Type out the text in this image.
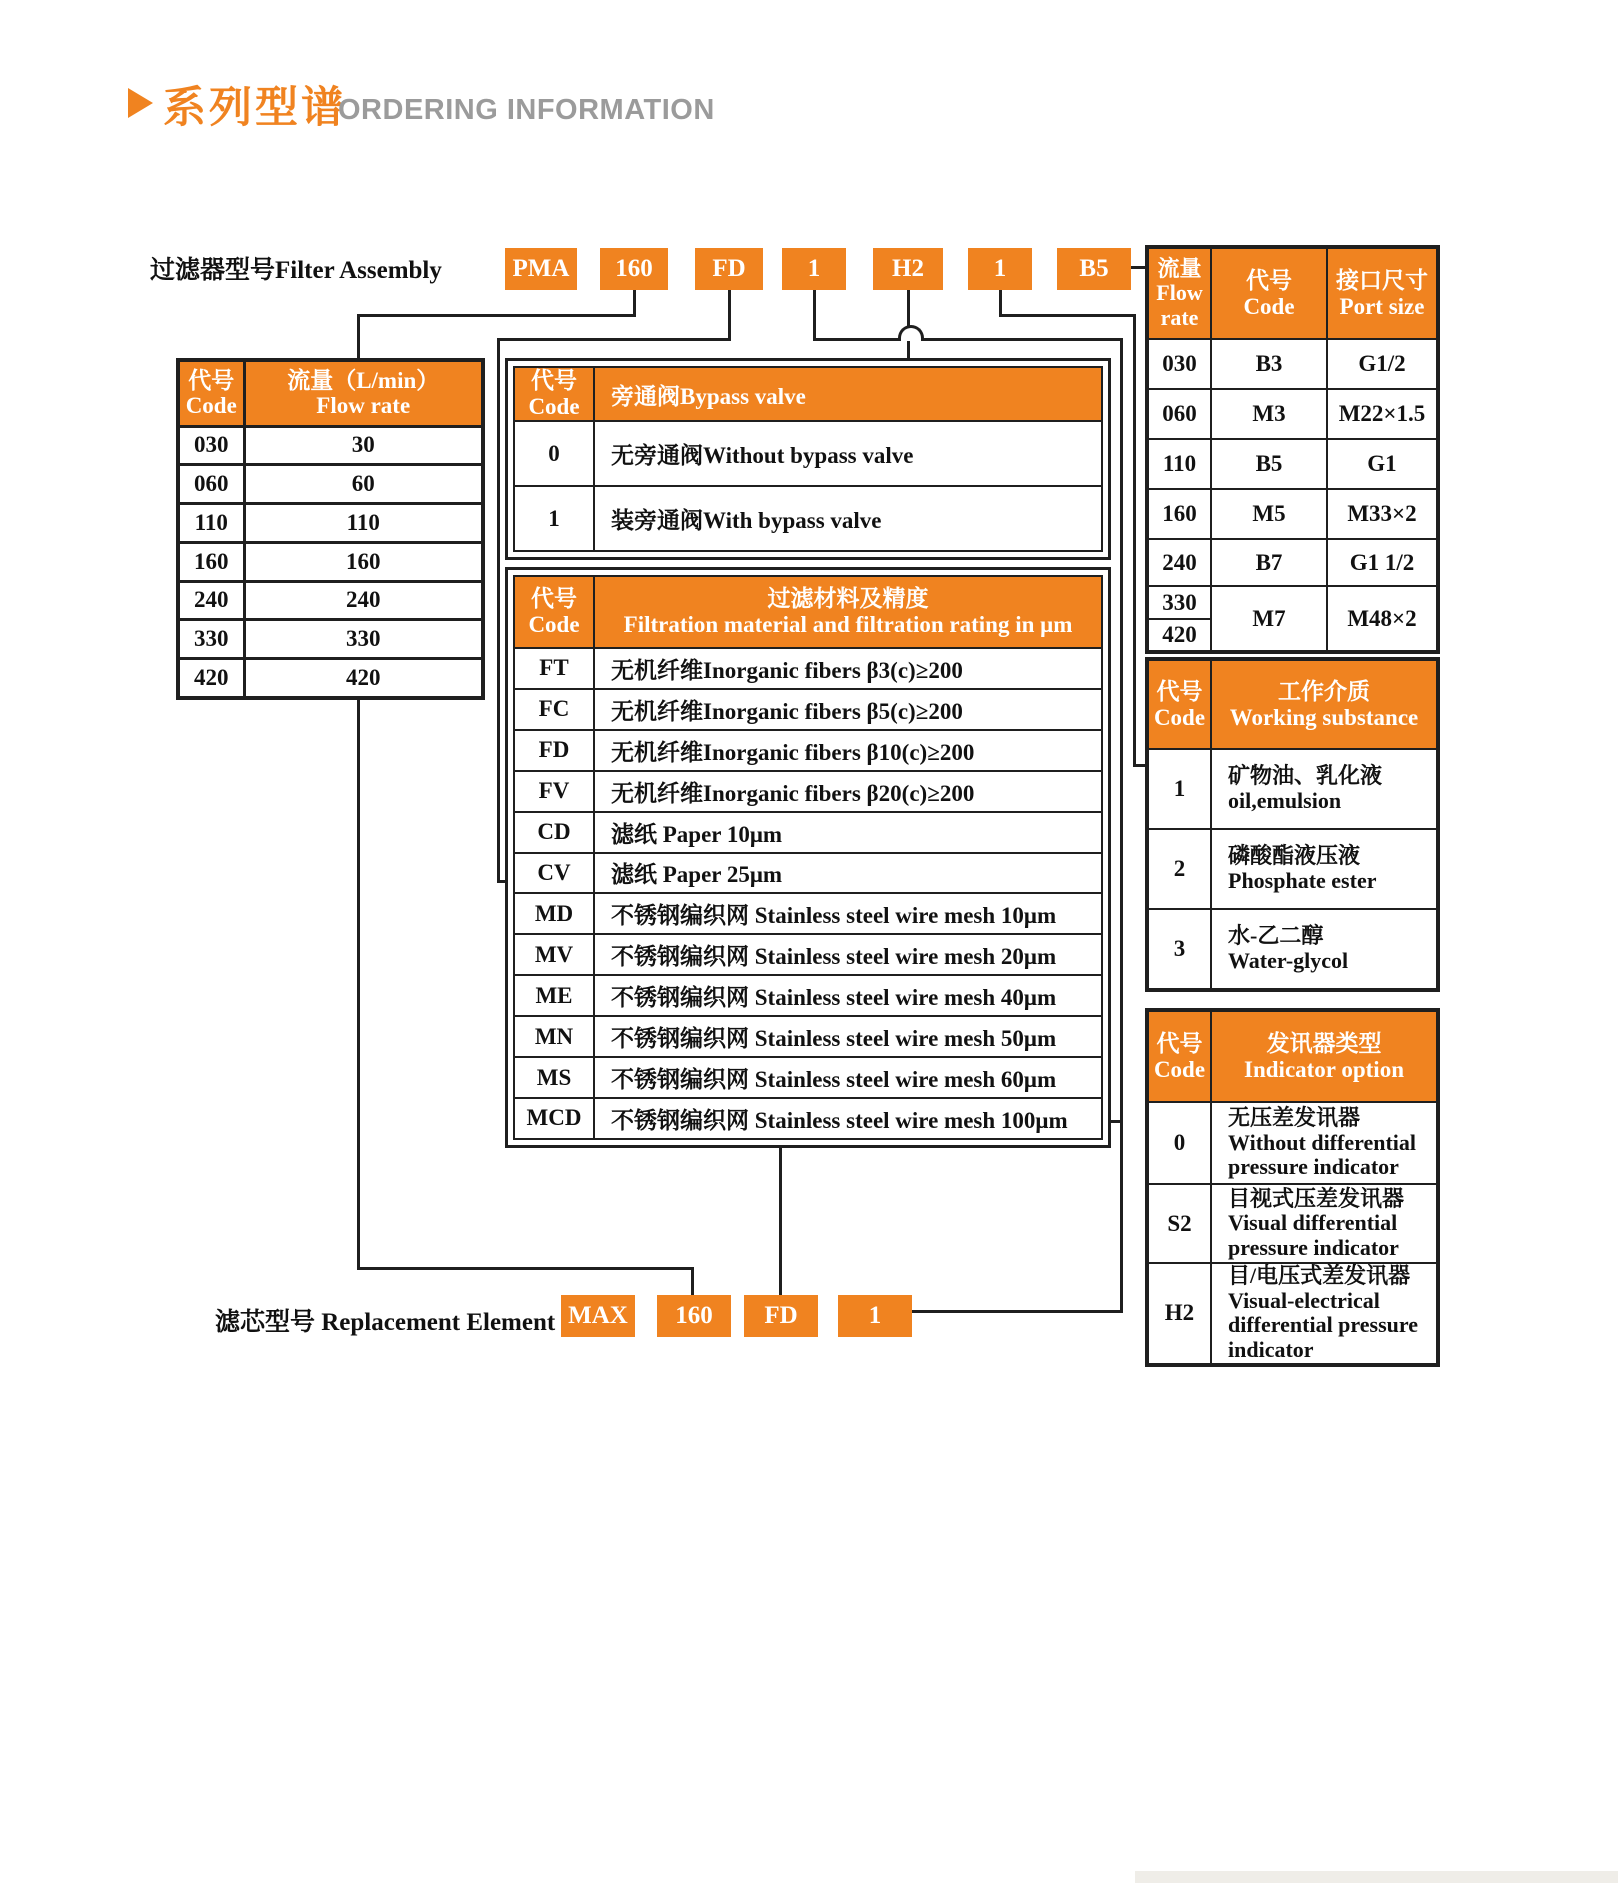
系列型谱
ORDERING INFORMATION
过滤器型号Filter Assembly	PMA	160	FD	1	H2	1	B5
代号
Code	流量（L/min）
Flow rate

030	30
060	60
110	110
160	160
240	240
330	330
420	420
代号
Code	旁通阀Bypass valve
0	无旁通阀Without bypass valve
1	装旁通阀With bypass valve
代号
Code	过滤材料及精度
Filtration material and filtration rating in μm

FT	无机纤维Inorganic fibers β3(c)≥200
FC	无机纤维Inorganic fibers β5(c)≥200
FD	无机纤维Inorganic fibers β10(c)≥200
FV	无机纤维Inorganic fibers β20(c)≥200
CD	滤纸 Paper 10μm
CV	滤纸 Paper 25μm
MD	不锈钢编织网 Stainless steel wire mesh 10μm
MV	不锈钢编织网 Stainless steel wire mesh 20μm
ME	不锈钢编织网 Stainless steel wire mesh 40μm
MN	不锈钢编织网 Stainless steel wire mesh 50μm
MS	不锈钢编织网 Stainless steel wire mesh 60μm
MCD	不锈钢编织网 Stainless steel wire mesh 100μm
流量
Flow
rate	代号
Code	接口尺寸
Port size

030	B3	G1/2
060	M3	M22×1.5
110	B5	G1
160	M5	M33×2
240	B7	G1 1/2
330	M7	M48×2
420		
代号
Code	工作介质
Working substance

1	矿物油、乳化液
oil,emulsion

2	磷酸酯液压液
Phosphate ester

3	水-乙二醇
Water-glycol
代号
Code	发讯器类型
Indicator option

0	无压差发讯器
Without differential pressure indicator

S2	目视式压差发讯器
Visual differential pressure indicator

H2	目/电压式差发讯器
Visual-electrical differential pressure indicator
滤芯型号 Replacement Element MAX	160	FD	1
